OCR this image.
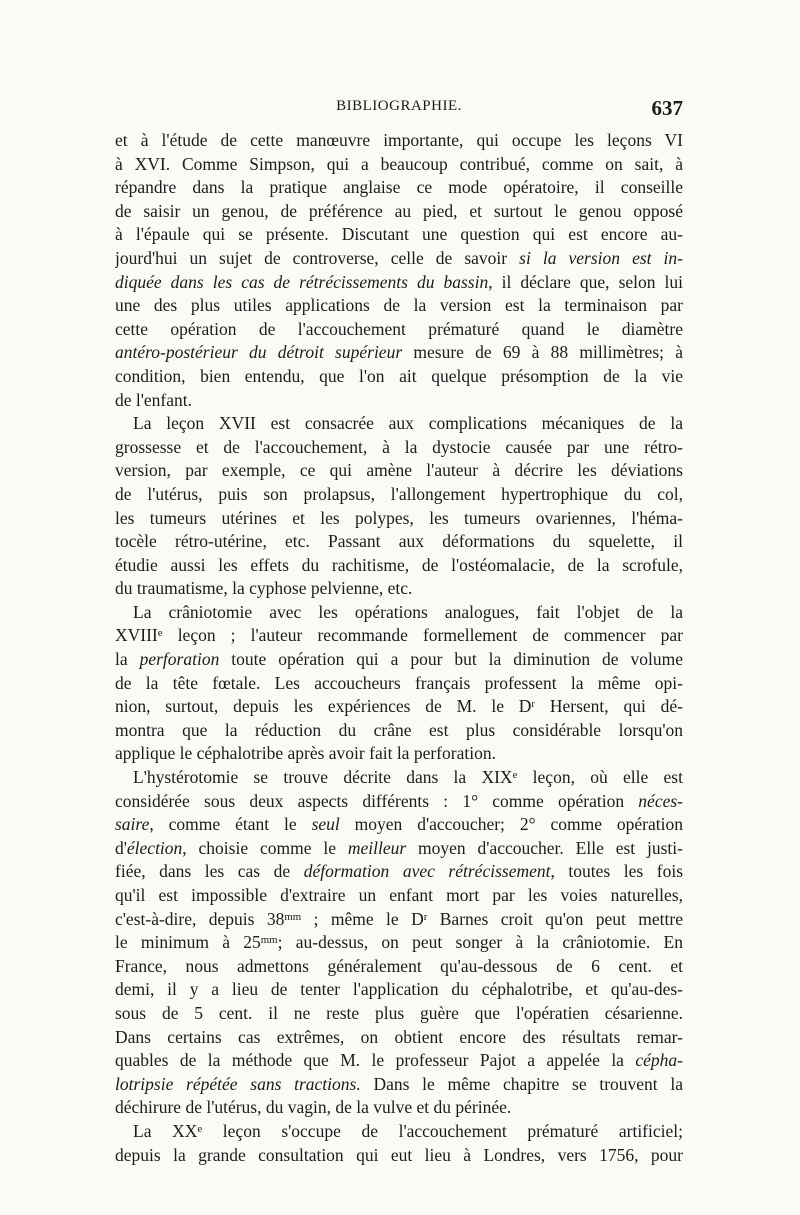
BIBLIOGRAPHIE.	637
et à l'étude de cette manœuvre importante, qui occupe les leçons VI
à XVI. Comme Simpson, qui a beaucoup contribué, comme on sait, à
répandre dans la pratique anglaise ce mode opératoire, il conseille
de saisir un genou, de préférence au pied, et surtout le genou opposé
à l'épaule qui se présente. Discutant une question qui est encore au-
jourd'hui un sujet de controverse, celle de savoir si la version est in-
diquée dans les cas de rétrécissements du bassin, il déclare que, selon lui
une des plus utiles applications de la version est la terminaison par
cette opération de l'accouchement prématuré quand le diamètre
antéro-postérieur du détroit supérieur mesure de 69 à 88 millimètres; à
condition, bien entendu, que l'on ait quelque présomption de la vie
de l'enfant.
La leçon XVII est consacrée aux complications mécaniques de la
grossesse et de l'accouchement, à la dystocie causée par une rétro-
version, par exemple, ce qui amène l'auteur à décrire les déviations
de l'utérus, puis son prolapsus, l'allongement hypertrophique du col,
les tumeurs utérines et les polypes, les tumeurs ovariennes, l'héma-
tocèle rétro-utérine, etc. Passant aux déformations du squelette, il
étudie aussi les effets du rachitisme, de l'ostéomalacie, de la scrofule,
du traumatisme, la cyphose pelvienne, etc.
La crâniotomie avec les opérations analogues, fait l'objet de la
XVIIIe leçon ; l'auteur recommande formellement de commencer par
la perforation toute opération qui a pour but la diminution de volume
de la tête fœtale. Les accoucheurs français professent la même opi-
nion, surtout, depuis les expériences de M. le $D^r$ Hersent, qui dé-
montra que la réduction du crâne est plus considérable lorsqu'on
applique le céphalotribe après avoir fait la perforation.
L'hystérotomie se trouve décrite dans la XIXe leçon, où elle est
considérée sous deux aspects différents : 1° comme opération néces-
saire, comme étant le seul moyen d'accoucher; 2° comme opération
d'élection, choisie comme le meilleur moyen d'accoucher. Elle est justi-
fiée, dans les cas de déformation avec rétrécissement, toutes les fois
qu'il est impossible d'extraire un enfant mort par les voies naturelles,
c'est-à-dire, depuis $38^{mm}$ ; même le $D^r$ Barnes croit qu'on peut mettre
le minimum à $25^{mm}$; au-dessus, on peut songer à la crâniotomie. En
France, nous admettons généralement qu'au-dessous de 6 cent. et
demi, il y a lieu de tenter l'application du céphalotribe, et qu'au-des-
sous de 5 cent. il ne reste plus guère que l'opératien césarienne.
Dans certains cas extrêmes, on obtient encore des résultats remar-
quables de la méthode que M. le professeur Pajot a appelée la cépha-
lotripsie répétée sans tractions. Dans le même chapitre se trouvent la
déchirure de l'utérus, du vagin, de la vulve et du périnée.
La XXe leçon s'occupe de l'accouchement prématuré artificiel;
depuis la grande consultation qui eut lieu à Londres, vers 1756, pour
